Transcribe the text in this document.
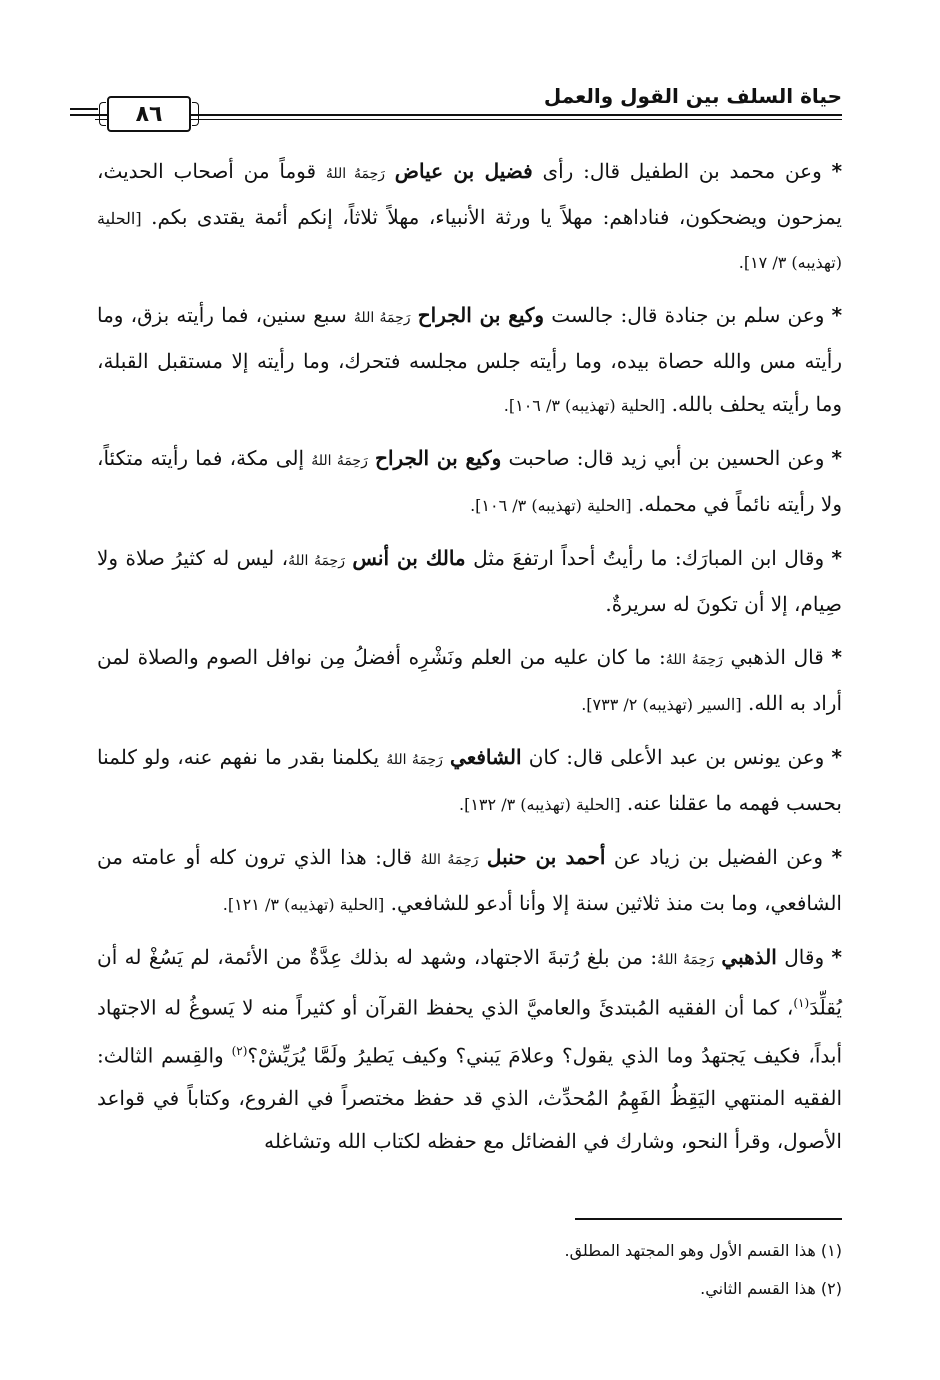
حياة السلف بين القول والعمل
٨٦

* وعن محمد بن الطفيل قال: رأى فضيل بن عياض رَحِمَهُ اللهُ قوماً من أصحاب الحديث، يمزحون ويضحكون، فناداهم: مهلاً يا ورثة الأنبياء، مهلاً ثلاثاً، إنكم أئمة يقتدى بكم. [الحلية (تهذيبه) ٣/ ١٧].

* وعن سلم بن جنادة قال: جالست وكيع بن الجراح رَحِمَهُ اللهُ سبع سنين، فما رأيته بزق، وما رأيته مس والله حصاة بيده، وما رأيته جلس مجلسه فتحرك، وما رأيته إلا مستقبل القبلة، وما رأيته يحلف بالله. [الحلية (تهذيبه) ٣/ ١٠٦].

* وعن الحسين بن أبي زيد قال: صاحبت وكيع بن الجراح رَحِمَهُ اللهُ إلى مكة، فما رأيته متكئاً، ولا رأيته نائماً في محمله. [الحلية (تهذيبه) ٣/ ١٠٦].

* وقال ابن المبارَك: ما رأيتُ أحداً ارتفعَ مثل مالك بن أنس رَحِمَهُ اللهُ، ليس له كثيرُ صلاة ولا صِيام، إلا أن تكونَ له سريرةٌ.

* قال الذهبي رَحِمَهُ اللهُ: ما كان عليه من العلم ونَشْرِه أفضلُ مِن نوافل الصوم والصلاة لمن أراد به الله. [السير (تهذيبه) ٢/ ٧٣٣].

* وعن يونس بن عبد الأعلى قال: كان الشافعي رَحِمَهُ اللهُ يكلمنا بقدر ما نفهم عنه، ولو كلمنا بحسب فهمه ما عقلنا عنه. [الحلية (تهذيبه) ٣/ ١٣٢].

* وعن الفضيل بن زياد عن أحمد بن حنبل رَحِمَهُ اللهُ قال: هذا الذي ترون كله أو عامته من الشافعي، وما بت منذ ثلاثين سنة إلا وأنا أدعو للشافعي. [الحلية (تهذيبه) ٣/ ١٢١].

* وقال الذهبي رَحِمَهُ اللهُ: من بلغ رُتبةَ الاجتهاد، وشهد له بذلك عِدَّةٌ من الأئمة، لم يَسُغْ له أن يُقلِّدَ$^{(١)}$، كما أن الفقيه المُبتدئَ والعاميَّ الذي يحفظ القرآن أو كثيراً منه لا يَسوغُ له الاجتهاد أبداً، فكيف يَجتهدُ وما الذي يقول؟ وعلامَ يَبني؟ وكيف يَطيرُ ولَمَّا يُرَيِّشْ؟$^{(٢)}$ والقِسم الثالث: الفقيه المنتهي اليَقِظُ الفَهِمُ المُحدِّث، الذي قد حفظ مختصراً في الفروع، وكتاباً في قواعد الأصول، وقرأ النحو، وشارك في الفضائل مع حفظه لكتاب الله وتشاغله

(١) هذا القسم الأول وهو المجتهد المطلق.

(٢) هذا القسم الثاني.
